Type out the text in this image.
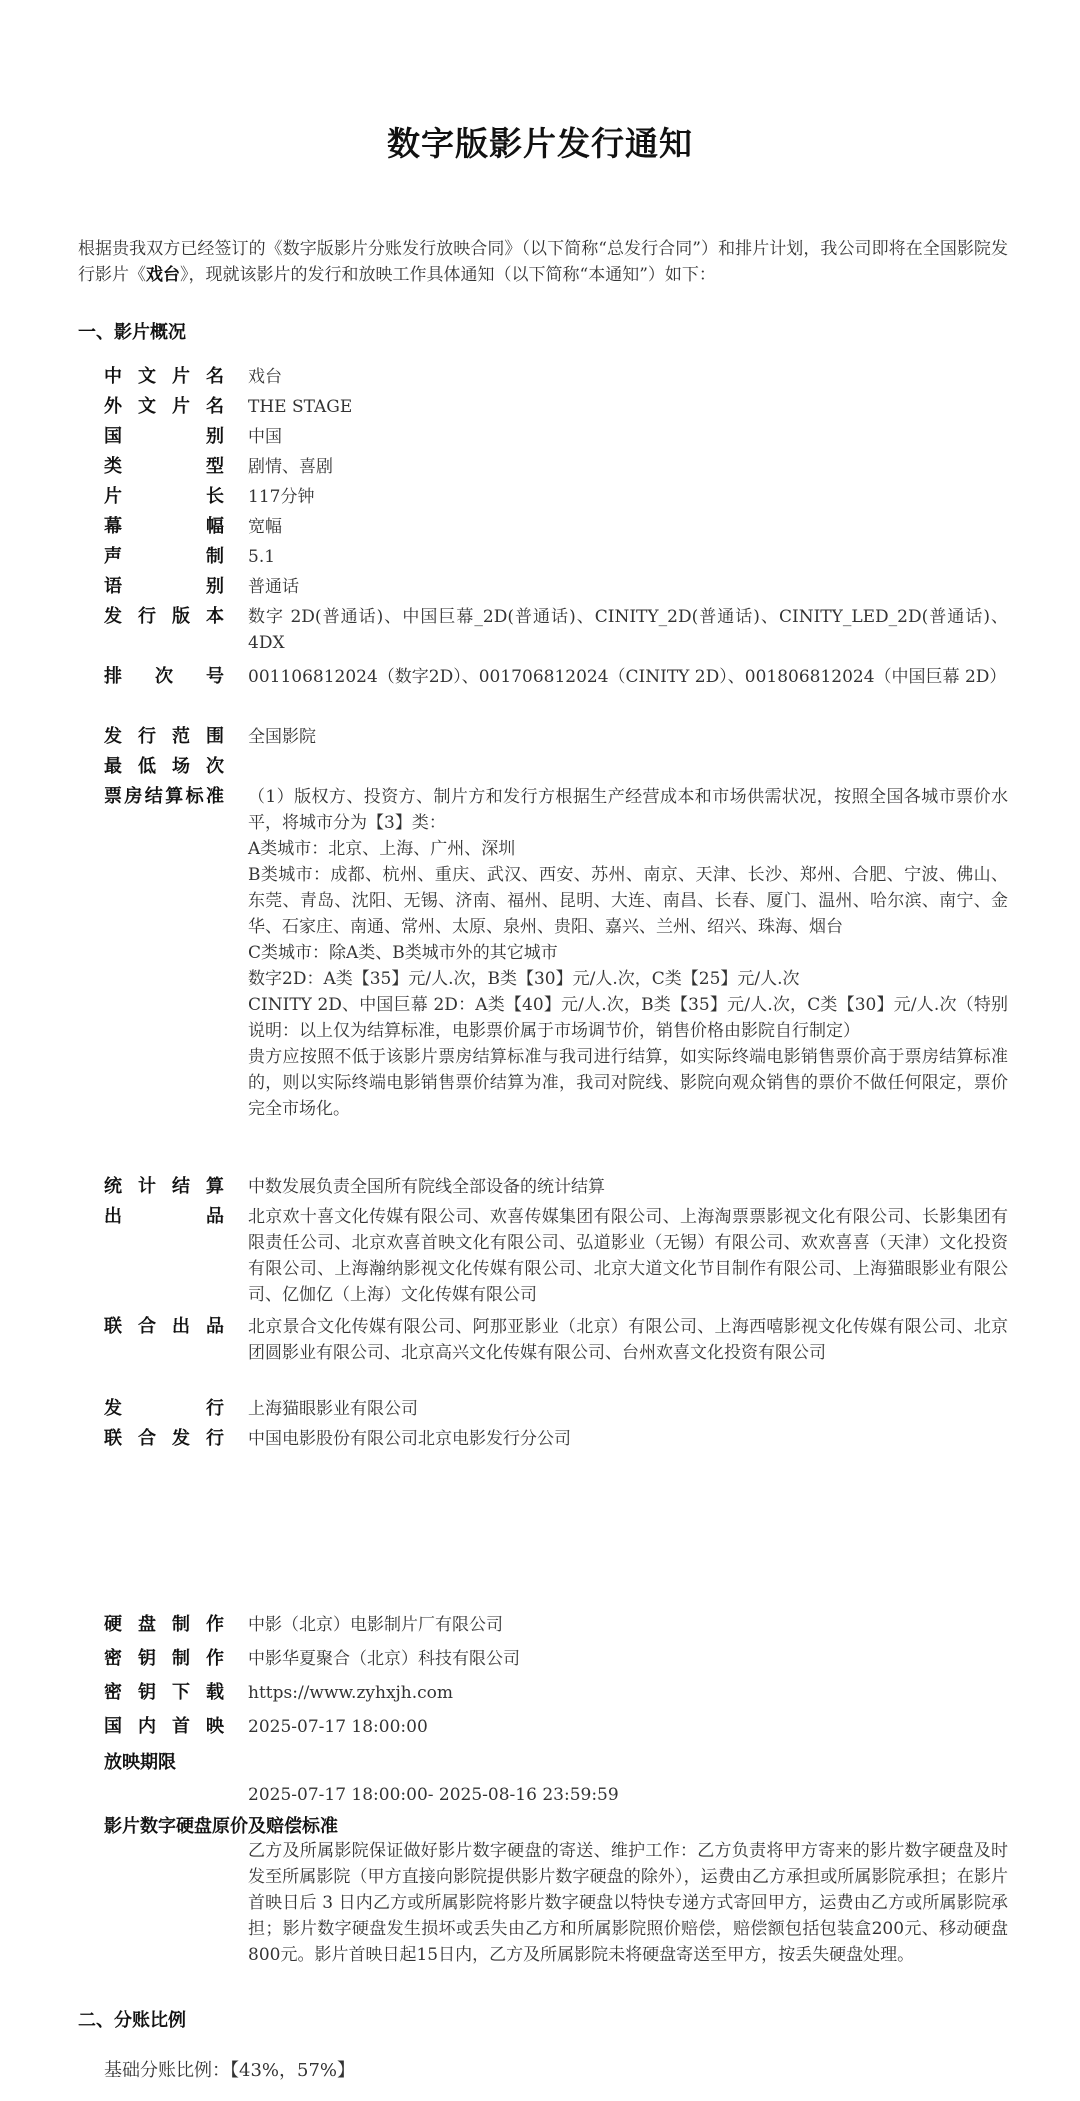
数字版影片发行通知
根据贵我双方已经签订的《数字版影片分账发行放映合同》（以下简称“总发行合同”）和排片计划，我公司即将在全国影院发行影片《戏台》，现就该影片的发行和放映工作具体通知（以下简称“本通知”）如下：
一、影片概况
中文片名 戏台
外文片名 THE STAGE
国别 中国
类型 剧情、喜剧
片长 117分钟
幕幅 宽幅
声制 5.1
语别 普通话
发行版本 数字 2D(普通话)、中国巨幕_2D(普通话)、CINITY_2D(普通话)、CINITY_LED_2D(普通话)、4DX
排次号 001106812024（数字2D）、001706812024（CINITY 2D）、001806812024（中国巨幕 2D）
发行范围 全国影院
最低场次
票房结算标准 （1）版权方、投资方、制片方和发行方根据生产经营成本和市场供需状况，按照全国各城市票价水平，将城市分为【3】类：
A类城市：北京、上海、广州、深圳
B类城市：成都、杭州、重庆、武汉、西安、苏州、南京、天津、长沙、郑州、合肥、宁波、佛山、东莞、青岛、沈阳、无锡、济南、福州、昆明、大连、南昌、长春、厦门、温州、哈尔滨、南宁、金华、石家庄、南通、常州、太原、泉州、贵阳、嘉兴、兰州、绍兴、珠海、烟台
C类城市：除A类、B类城市外的其它城市
数字2D：A类【35】元/人.次，B类【30】元/人.次，C类【25】元/人.次
CINITY 2D、中国巨幕 2D：A类【40】元/人.次，B类【35】元/人.次，C类【30】元/人.次（特别说明：以上仅为结算标准，电影票价属于市场调节价，销售价格由影院自行制定）
贵方应按照不低于该影片票房结算标准与我司进行结算，如实际终端电影销售票价高于票房结算标准的，则以实际终端电影销售票价结算为准，我司对院线、影院向观众销售的票价不做任何限定，票价完全市场化。
统计结算 中数发展负责全国所有院线全部设备的统计结算
出品 北京欢十喜文化传媒有限公司、欢喜传媒集团有限公司、上海淘票票影视文化有限公司、长影集团有限责任公司、北京欢喜首映文化有限公司、弘道影业（无锡）有限公司、欢欢喜喜（天津）文化投资有限公司、上海瀚纳影视文化传媒有限公司、北京大道文化节目制作有限公司、上海猫眼影业有限公司、亿伽亿（上海）文化传媒有限公司
联合出品 北京景合文化传媒有限公司、阿那亚影业（北京）有限公司、上海西嘻影视文化传媒有限公司、北京团圆影业有限公司、北京高兴文化传媒有限公司、台州欢喜文化投资有限公司
发行 上海猫眼影业有限公司
联合发行 中国电影股份有限公司北京电影发行分公司
硬盘制作 中影（北京）电影制片厂有限公司
密钥制作 中影华夏聚合（北京）科技有限公司
密钥下载 https://www.zyhxjh.com
国内首映 2025-07-17 18:00:00
放映期限
2025-07-17 18:00:00- 2025-08-16 23:59:59
影片数字硬盘原价及赔偿标准
乙方及所属影院保证做好影片数字硬盘的寄送、维护工作：乙方负责将甲方寄来的影片数字硬盘及时发至所属影院（甲方直接向影院提供影片数字硬盘的除外），运费由乙方承担或所属影院承担；在影片首映日后 3 日内乙方或所属影院将影片数字硬盘以特快专递方式寄回甲方，运费由乙方或所属影院承担；影片数字硬盘发生损坏或丢失由乙方和所属影院照价赔偿，赔偿额包括包装盒200元、移动硬盘800元。影片首映日起15日内，乙方及所属影院未将硬盘寄送至甲方，按丢失硬盘处理。
二、分账比例
基础分账比例：【43%，57%】
